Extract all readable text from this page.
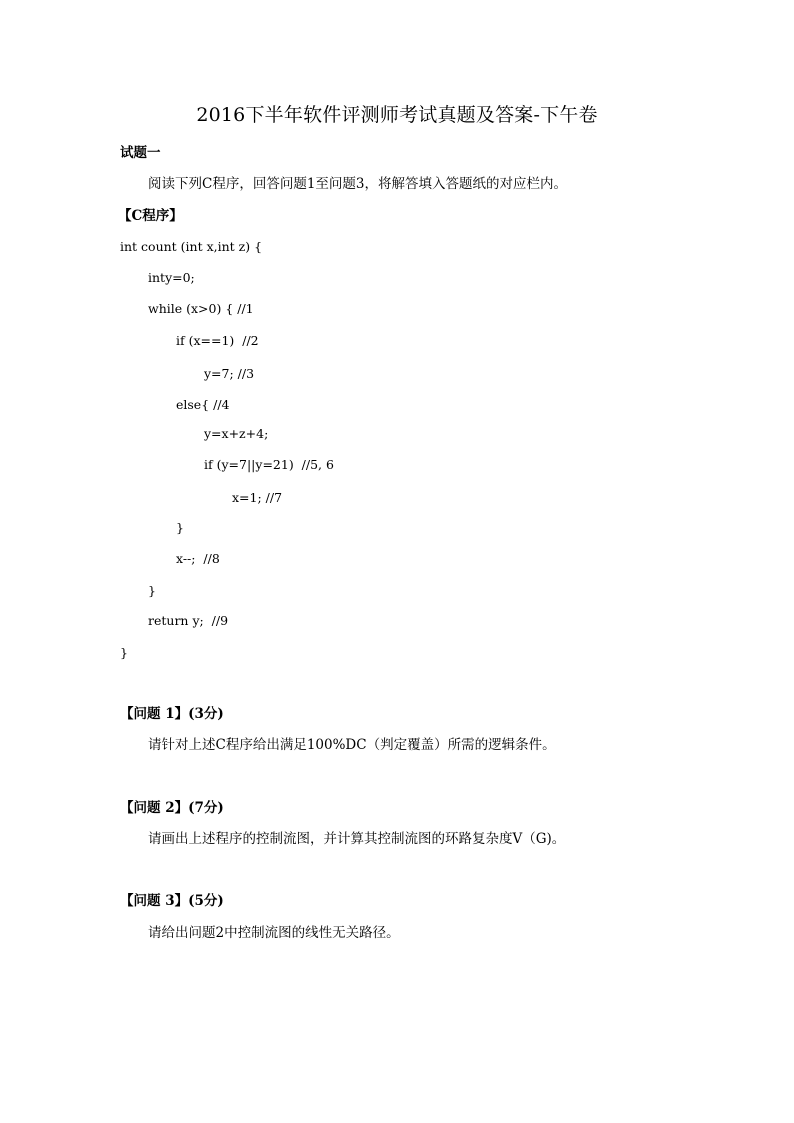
2016下半年软件评测师考试真题及答案-下午卷
试题一
阅读下列C程序，回答问题1至问题3，将解答填入答题纸的对应栏内。
【C程序】
int count (int x,int z) {
inty=0;
while (x>0) { //1
if (x==1)  //2
y=7; //3
else{ //4
y=x+z+4;
if (y=7||y=21)  //5, 6
x=1; //7
}
x--;  //8
}
return y;  //9
}
【问题 1】(3分)
请针对上述C程序给出满足100%DC（判定覆盖）所需的逻辑条件。
【问题 2】(7分)
请画出上述程序的控制流图，并计算其控制流图的环路复杂度V（G)。
【问题 3】(5分)
请给出问题2中控制流图的线性无关路径。
